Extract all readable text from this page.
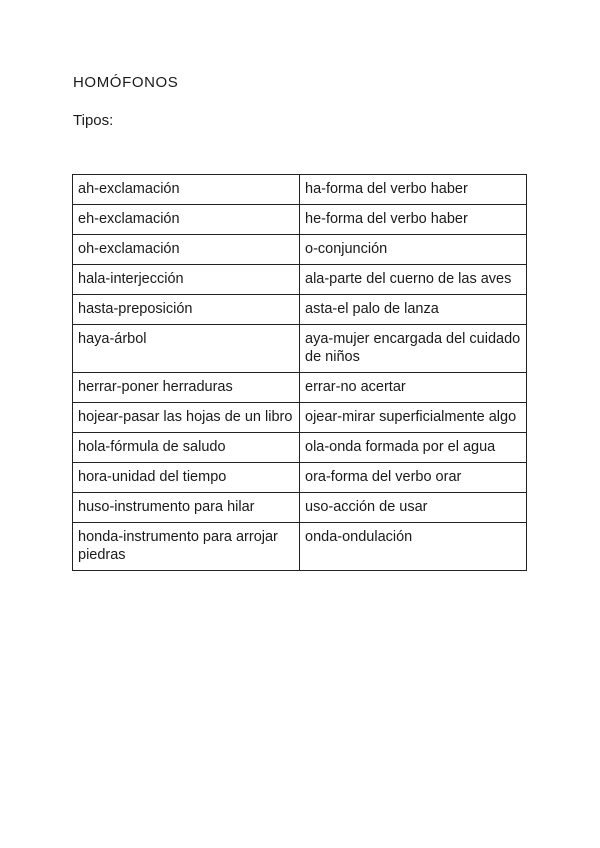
HOMÓFONOS
Tipos:
ah-exclamación	ha-forma del verbo haber
eh-exclamación	he-forma del verbo haber
oh-exclamación	o-conjunción
hala-interjección	ala-parte del cuerno de las aves
hasta-preposición	asta-el palo de lanza
haya-árbol	aya-mujer encargada del cuidado de niños
herrar-poner herraduras	errar-no acertar
hojear-pasar las hojas de un libro	ojear-mirar superficialmente algo
hola-fórmula de saludo	ola-onda formada por el agua
hora-unidad del tiempo	ora-forma del verbo orar
huso-instrumento para hilar	uso-acción de usar
honda-instrumento para arrojar piedras	onda-ondulación
